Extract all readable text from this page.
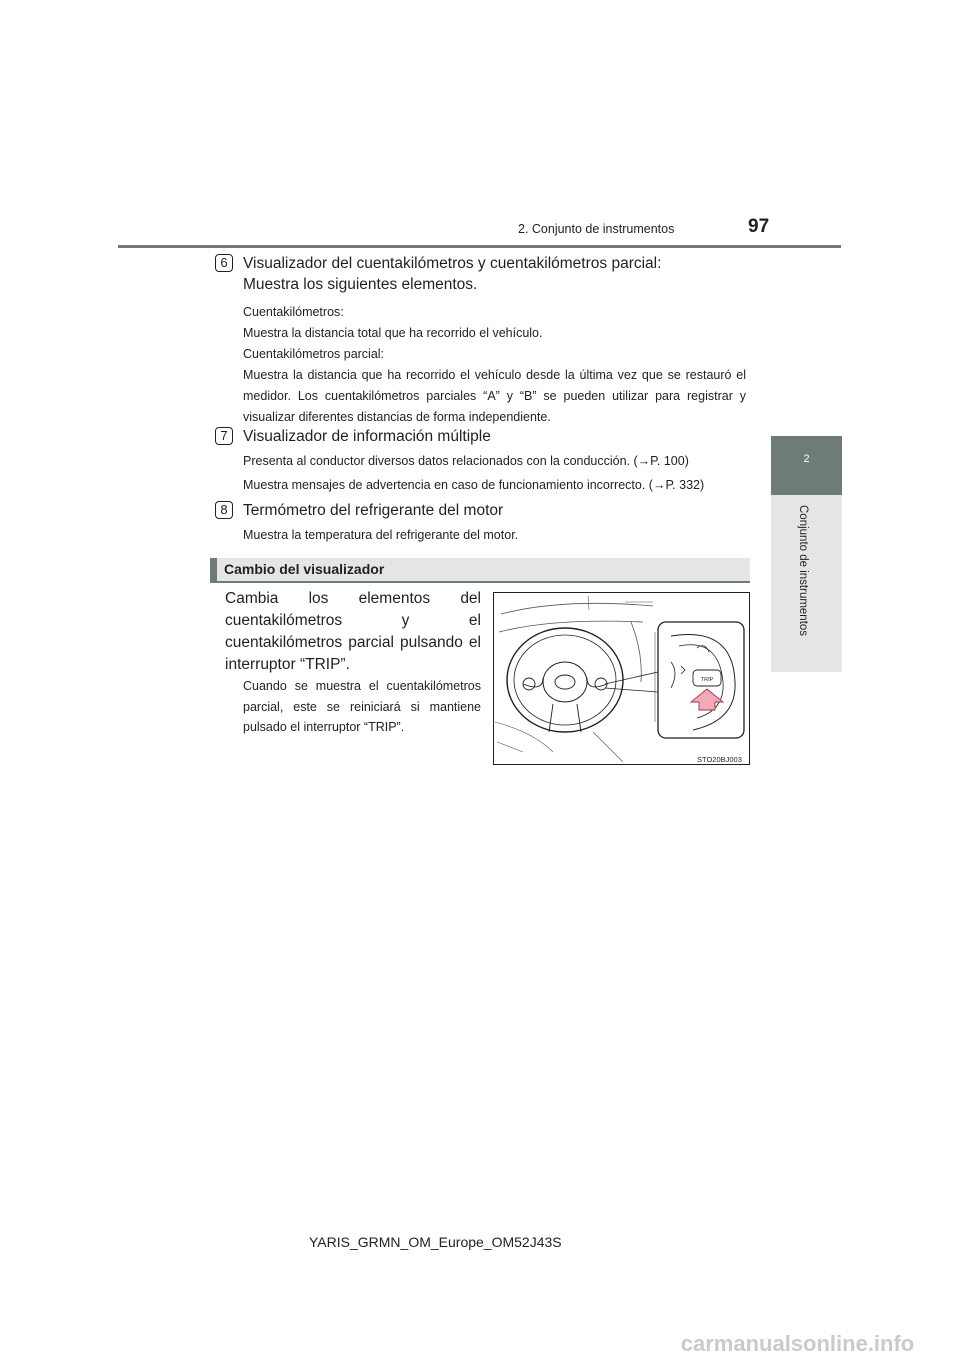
2. Conjunto de instrumentos	97
2
Conjunto de instrumentos
6 Visualizador del cuentakilómetros y cuentakilómetros parcial:
Muestra los siguientes elementos.
Cuentakilómetros:
Muestra la distancia total que ha recorrido el vehículo.
Cuentakilómetros parcial:
Muestra la distancia que ha recorrido el vehículo desde la última vez que se restauró el medidor. Los cuentakilómetros parciales “A” y “B” se pueden utilizar para registrar y visualizar diferentes distancias de forma independiente.
7 Visualizador de información múltiple
Presenta al conductor diversos datos relacionados con la conducción. (→P. 100)
Muestra mensajes de advertencia en caso de funcionamiento incorrecto. (→P. 332)
8 Termómetro del refrigerante del motor
Muestra la temperatura del refrigerante del motor.
Cambio del visualizador
Cambia los elementos del cuentakilómetros y el cuentakilómetros parcial pulsando el interruptor “TRIP”.
Cuando se muestra el cuentakilómetros parcial, este se reiniciará si mantiene pulsado el interruptor “TRIP”.
TRIP
STO20BJ003
YARIS_GRMN_OM_Europe_OM52J43S
carmanualsonline.info
